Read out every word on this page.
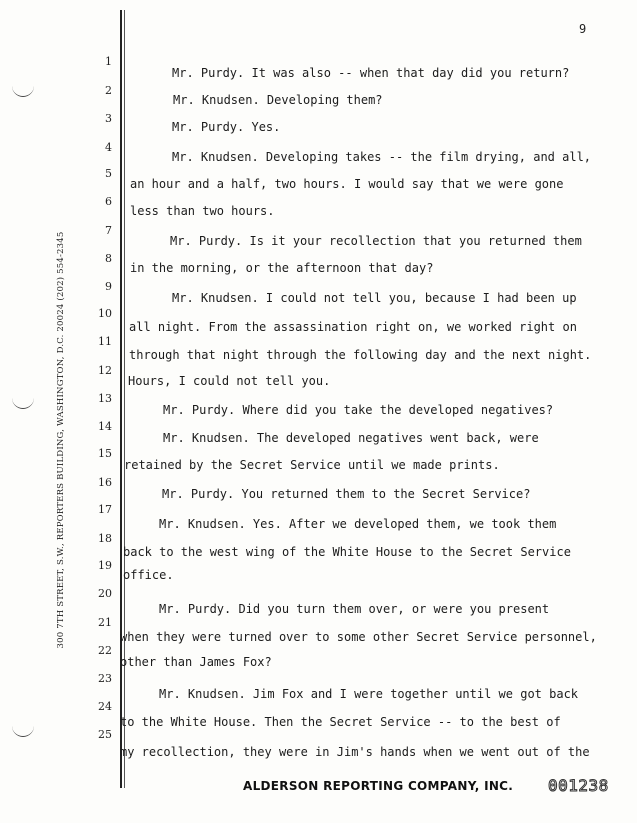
9
300 7TH STREET, S.W., REPORTERS BUILDING, WASHINGTON, D.C. 20024 (202) 554-2345
1
2
3
4
5
6
7
8
9
10
11
12
13
14
15
16
17
18
19
20
21
22
23
24
25
Mr. Purdy. It was also -- when that day did you return?
Mr. Knudsen. Developing them?
Mr. Purdy. Yes.
Mr. Knudsen. Developing takes -- the film drying, and all,
an hour and a half, two hours. I would say that we were gone
less than two hours.
Mr. Purdy. Is it your recollection that you returned them
in the morning, or the afternoon that day?
Mr. Knudsen. I could not tell you, because I had been up
all night. From the assassination right on, we worked right on
through that night through the following day and the next night.
Hours, I could not tell you.
Mr. Purdy. Where did you take the developed negatives?
Mr. Knudsen. The developed negatives went back, were
retained by the Secret Service until we made prints.
Mr. Purdy. You returned them to the Secret Service?
Mr. Knudsen. Yes. After we developed them, we took them
back to the west wing of the White House to the Secret Service
office.
Mr. Purdy. Did you turn them over, or were you present
when they were turned over to some other Secret Service personnel,
other than James Fox?
Mr. Knudsen. Jim Fox and I were together until we got back
to the White House. Then the Secret Service -- to the best of
my recollection, they were in Jim's hands when we went out of the
ALDERSON REPORTING COMPANY, INC. 001238
